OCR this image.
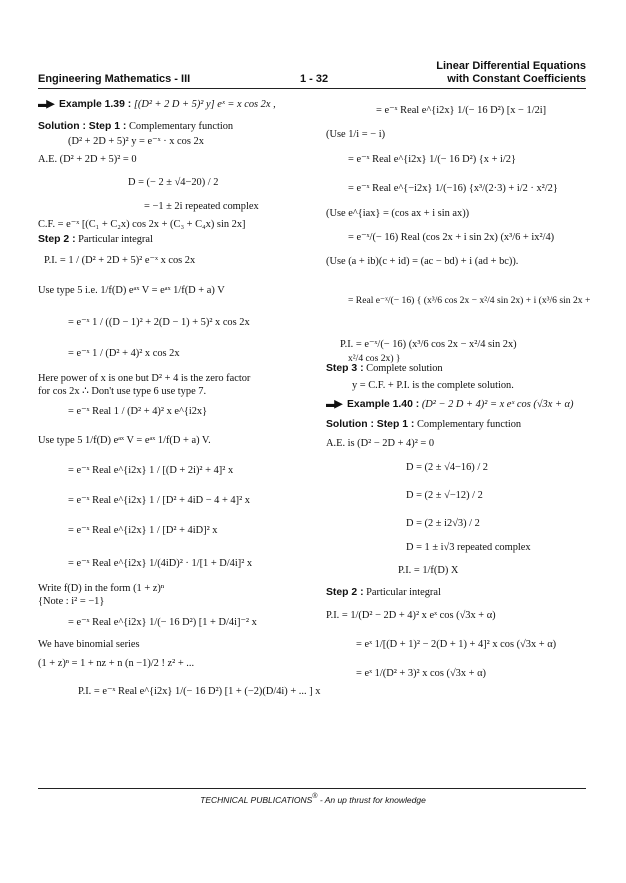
Engineering Mathematics - III	1 - 32
Linear Differential Equations
with Constant Coefficients
▬▶ Example 1.39 : [(D² + 2 D + 5)² y] eˣ = x cos 2x ,
Solution : Step 1 : Complementary function
(D² + 2D + 5)² y = e⁻ˣ · x cos 2x
A.E. (D² + 2D + 5)² = 0
D = (− 2 ± √4−20) / 2
= −1 ± 2i repeated complex
C.F. = e⁻ˣ [(C₁ + C₂x) cos 2x + (C₃ + C₄x) sin 2x]
Step 2 : Particular integral
P.I. = 1 / (D² + 2D + 5)² e⁻ˣ x cos 2x
Use type 5 i.e. 1/f(D) eᵃˣ V = eᵃˣ 1/f(D + a) V
= e⁻ˣ 1 / ((D − 1)² + 2(D − 1) + 5)² x cos 2x
= e⁻ˣ 1 / (D² + 4)² x cos 2x
Here power of x is one but D² + 4 is the zero factor
for cos 2x ∴ Don't use type 6 use type 7.
= e⁻ˣ Real 1 / (D² + 4)² x e^{i2x}
Use type 5 1/f(D) eᵃˣ V = eᵃˣ 1/f(D + a) V.
= e⁻ˣ Real e^{i2x} 1 / [(D + 2i)² + 4]² x
= e⁻ˣ Real e^{i2x} 1 / [D² + 4iD − 4 + 4]² x
= e⁻ˣ Real e^{i2x} 1 / [D² + 4iD]² x
= e⁻ˣ Real e^{i2x} 1/(4iD)² · 1/[1 + D/4i]² x
Write f(D) in the form (1 + z)ⁿ
{Note : i² = −1}
= e⁻ˣ Real e^{i2x} 1/(− 16 D²) [1 + D/4i]⁻² x
We have binomial series
(1 + z)ⁿ = 1 + nz + n (n −1)/2 ! z² + ...
P.I. = e⁻ˣ Real e^{i2x} 1/(− 16 D²) [1 + (−2)(D/4i) + ... ] x
= e⁻ˣ Real e^{i2x} 1/(− 16 D²) [x − 1/2i]
(Use 1/i = − i)
= e⁻ˣ Real e^{i2x} 1/(− 16 D²) {x + i/2}
= e⁻ˣ Real e^{−i2x} 1/(−16) {x³/(2·3) + i/2 · x²/2}
(Use e^{iax} = (cos ax + i sin ax))
= e⁻ˣ/(− 16) Real (cos 2x + i sin 2x) (x³/6 + ix²/4)
(Use (a + ib)(c + id) = (ac − bd) + i (ad + bc)).
= Real e⁻ˣ/(− 16) { (x³/6 cos 2x − x²/4 sin 2x) + i (x³/6 sin 2x + x²/4 cos 2x) }
P.I. = e⁻ˣ/(− 16) (x³/6 cos 2x − x²/4 sin 2x)
Step 3 : Complete solution
y = C.F. + P.I. is the complete solution.
▬▶ Example 1.40 : (D² − 2 D + 4)² = x eˣ cos (√3x + α)
Solution : Step 1 : Complementary function
A.E. is (D² − 2D + 4)² = 0
D = (2 ± √4−16) / 2
D = (2 ± √−12) / 2
D = (2 ± i2√3) / 2
D = 1 ± i√3 repeated complex
P.I. = 1/f(D) X
Step 2 : Particular integral
P.I. = 1/(D² − 2D + 4)² x eˣ cos (√3x + α)
= eˣ 1/[(D + 1)² − 2(D + 1) + 4]² x cos (√3x + α)
= eˣ 1/(D² + 3)² x cos (√3x + α)
TECHNICAL PUBLICATIONS® - An up thrust for knowledge
